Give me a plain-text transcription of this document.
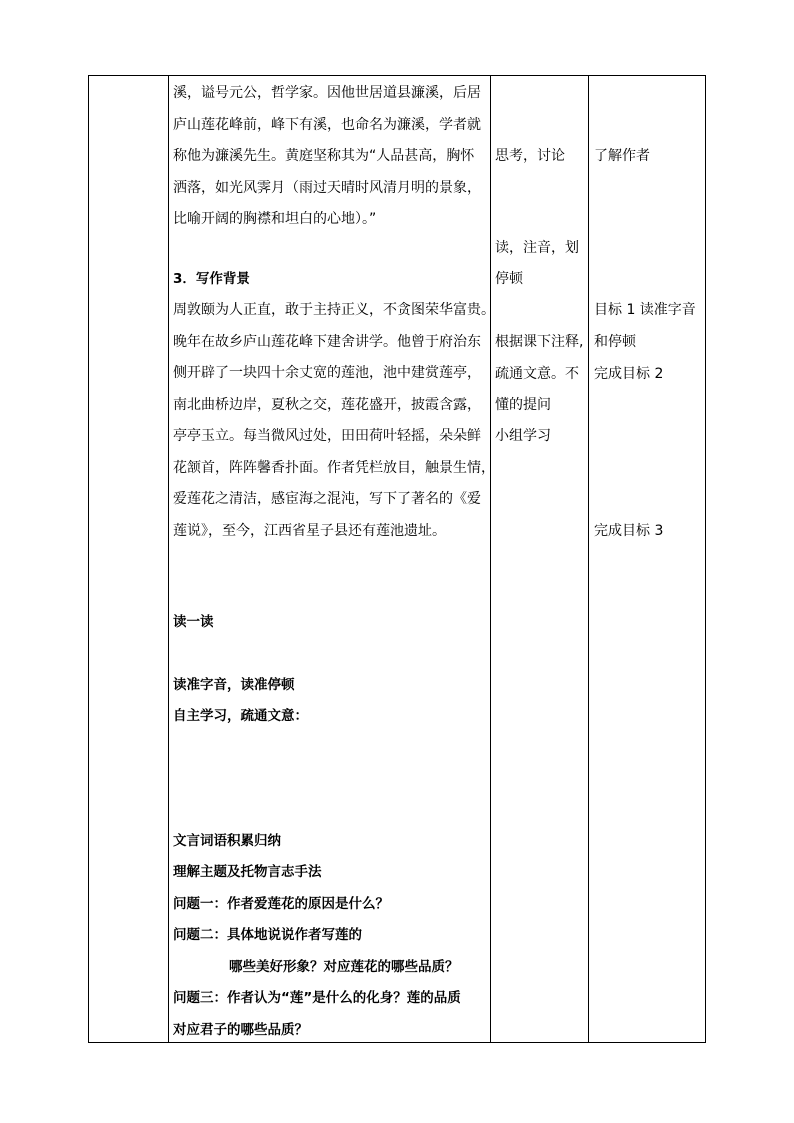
溪，谥号元公，哲学家。因他世居道县濂溪，后居
庐山莲花峰前，峰下有溪，也命名为濂溪，学者就
称他为濂溪先生。黄庭坚称其为“人品甚高，胸怀
洒落，如光风霁月（雨过天晴时风清月明的景象，
比喻开阔的胸襟和坦白的心地）。”
3．写作背景
周敦颐为人正直，敢于主持正义，不贪图荣华富贵。
晚年在故乡庐山莲花峰下建舍讲学。他曾于府治东
侧开辟了一块四十余丈宽的莲池，池中建赏莲亭，
南北曲桥边岸，夏秋之交，莲花盛开，披霞含露，
亭亭玉立。每当微风过处，田田荷叶轻摇，朵朵鲜
花颔首，阵阵馨香扑面。作者凭栏放目，触景生情，
爱莲花之清洁，感宦海之混沌，写下了著名的《爱
莲说》，至今，江西省星子县还有莲池遗址。
读一读
读准字音，读准停顿
自主学习，疏通文意：
文言词语积累归纳
理解主题及托物言志手法
问题一：作者爱莲花的原因是什么？
问题二：具体地说说作者写莲的
哪些美好形象？对应莲花的哪些品质？
问题三：作者认为“莲”是什么的化身？莲的品质
对应君子的哪些品质？
思考，讨论
读，注音，划
停顿
根据课下注释,
疏通文意。不
懂的提问
小组学习
了解作者
目标 1 读准字音
和停顿
完成目标 2
完成目标 3
